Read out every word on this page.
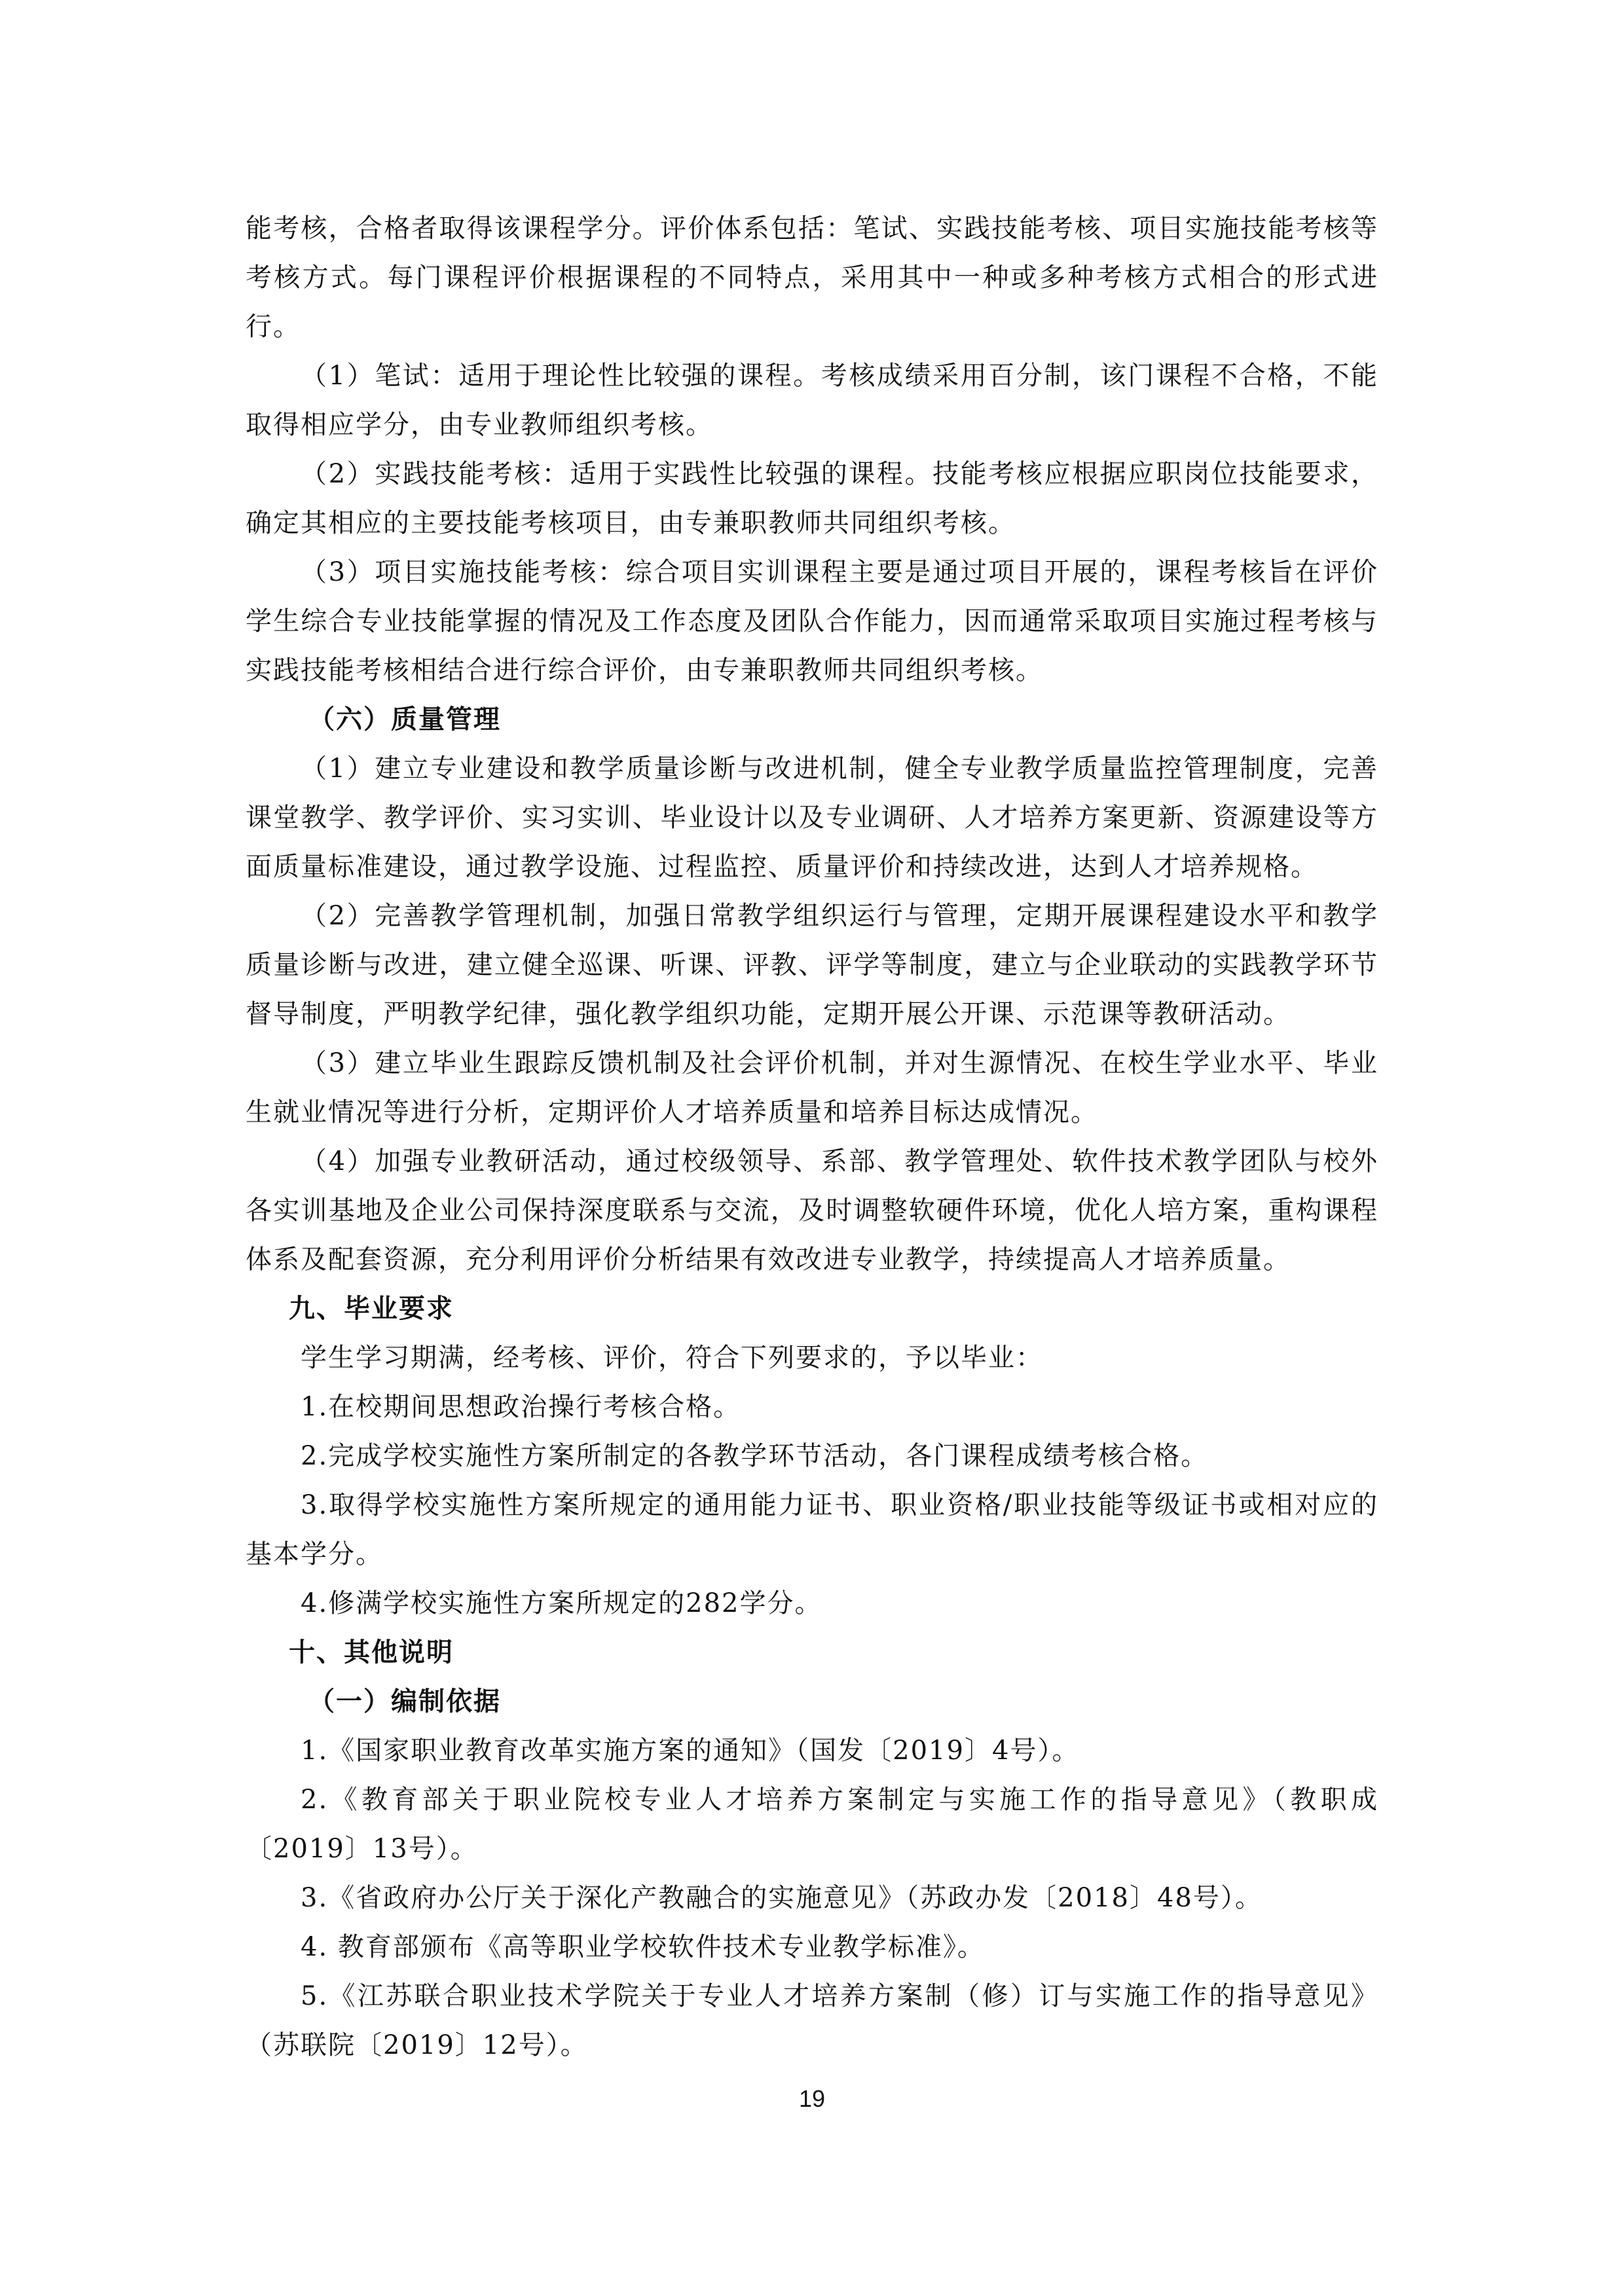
能考核，合格者取得该课程学分。评价体系包括：笔试、实践技能考核、项目实施技能考核等考核方式。每门课程评价根据课程的不同特点，采用其中一种或多种考核方式相合的形式进行。

（1）笔试：适用于理论性比较强的课程。考核成绩采用百分制，该门课程不合格，不能取得相应学分，由专业教师组织考核。

（2）实践技能考核：适用于实践性比较强的课程。技能考核应根据应职岗位技能要求，确定其相应的主要技能考核项目，由专兼职教师共同组织考核。

（3）项目实施技能考核：综合项目实训课程主要是通过项目开展的，课程考核旨在评价学生综合专业技能掌握的情况及工作态度及团队合作能力，因而通常采取项目实施过程考核与实践技能考核相结合进行综合评价，由专兼职教师共同组织考核。

（六）质量管理

（1）建立专业建设和教学质量诊断与改进机制，健全专业教学质量监控管理制度，完善课堂教学、教学评价、实习实训、毕业设计以及专业调研、人才培养方案更新、资源建设等方面质量标准建设，通过教学设施、过程监控、质量评价和持续改进，达到人才培养规格。

（2）完善教学管理机制，加强日常教学组织运行与管理，定期开展课程建设水平和教学质量诊断与改进，建立健全巡课、听课、评教、评学等制度，建立与企业联动的实践教学环节督导制度，严明教学纪律，强化教学组织功能，定期开展公开课、示范课等教研活动。

（3）建立毕业生跟踪反馈机制及社会评价机制，并对生源情况、在校生学业水平、毕业生就业情况等进行分析，定期评价人才培养质量和培养目标达成情况。

（4）加强专业教研活动，通过校级领导、系部、教学管理处、软件技术教学团队与校外各实训基地及企业公司保持深度联系与交流，及时调整软硬件环境，优化人培方案，重构课程体系及配套资源，充分利用评价分析结果有效改进专业教学，持续提高人才培养质量。

九、毕业要求

学生学习期满，经考核、评价，符合下列要求的，予以毕业：

1.在校期间思想政治操行考核合格。

2.完成学校实施性方案所制定的各教学环节活动，各门课程成绩考核合格。

3.取得学校实施性方案所规定的通用能力证书、职业资格/职业技能等级证书或相对应的基本学分。

4.修满学校实施性方案所规定的282学分。

十、其他说明

（一）编制依据

1.《国家职业教育改革实施方案的通知》（国发〔2019〕4号）。

2.《教育部关于职业院校专业人才培养方案制定与实施工作的指导意见》（教职成〔2019〕13号）。

3.《省政府办公厅关于深化产教融合的实施意见》（苏政办发〔2018〕48号）。

4. 教育部颁布《高等职业学校软件技术专业教学标准》。

5.《江苏联合职业技术学院关于专业人才培养方案制（修）订与实施工作的指导意见》（苏联院〔2019〕12号）。

19
